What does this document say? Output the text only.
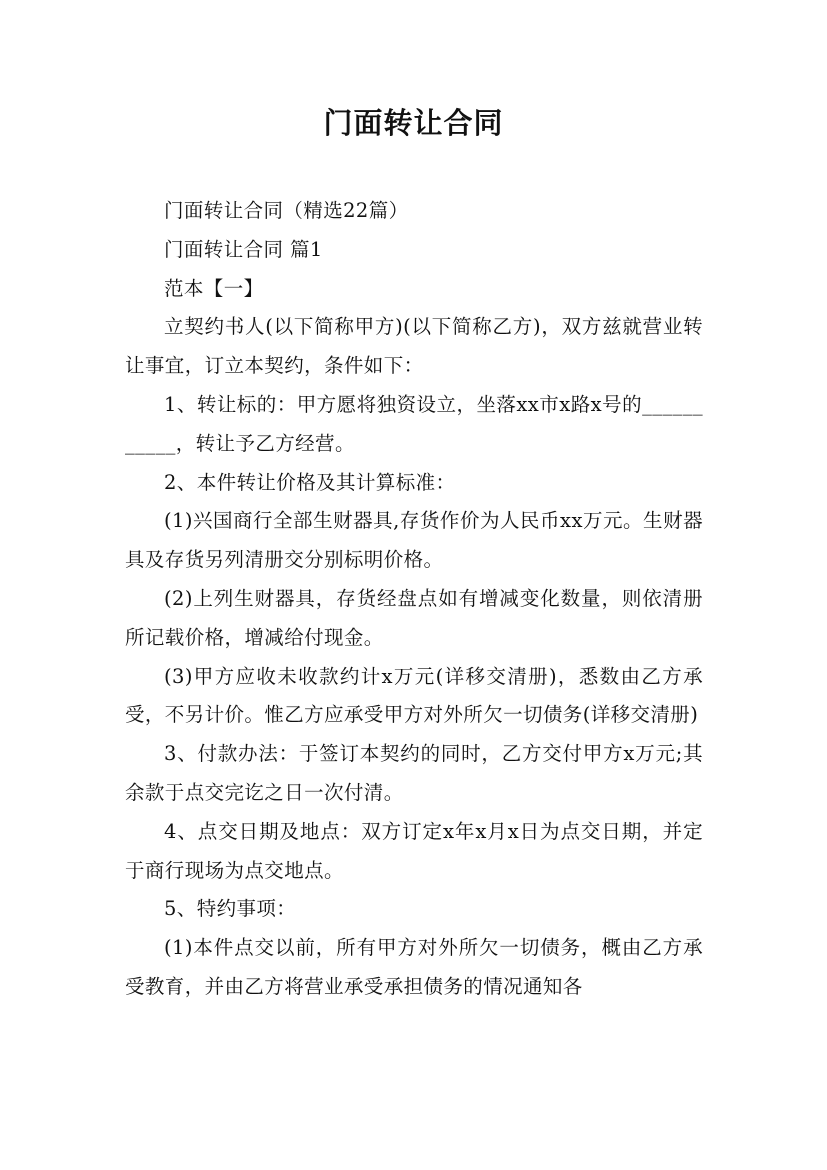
门面转让合同

门面转让合同（精选22篇）

门面转让合同 篇1

范本【一】

立契约书人(以下简称甲方)(以下简称乙方)，双方兹就营业转让事宜，订立本契约，条件如下：

1、转让标的：甲方愿将独资设立，坐落xx市x路x号的___________，转让予乙方经营。

2、本件转让价格及其计算标准：

(1)兴国商行全部生财器具,存货作价为人民币xx万元。生财器具及存货另列清册交分别标明价格。

(2)上列生财器具，存货经盘点如有增减变化数量，则依清册所记载价格，增减给付现金。

(3)甲方应收未收款约计x万元(详移交清册)，悉数由乙方承受，不另计价。惟乙方应承受甲方对外所欠一切债务(详移交清册)

3、付款办法：于签订本契约的同时，乙方交付甲方x万元;其余款于点交完讫之日一次付清。

4、点交日期及地点：双方订定x年x月x日为点交日期，并定于商行现场为点交地点。

5、特约事项：

(1)本件点交以前，所有甲方对外所欠一切债务，概由乙方承受教育，并由乙方将营业承受承担债务的情况通知各
